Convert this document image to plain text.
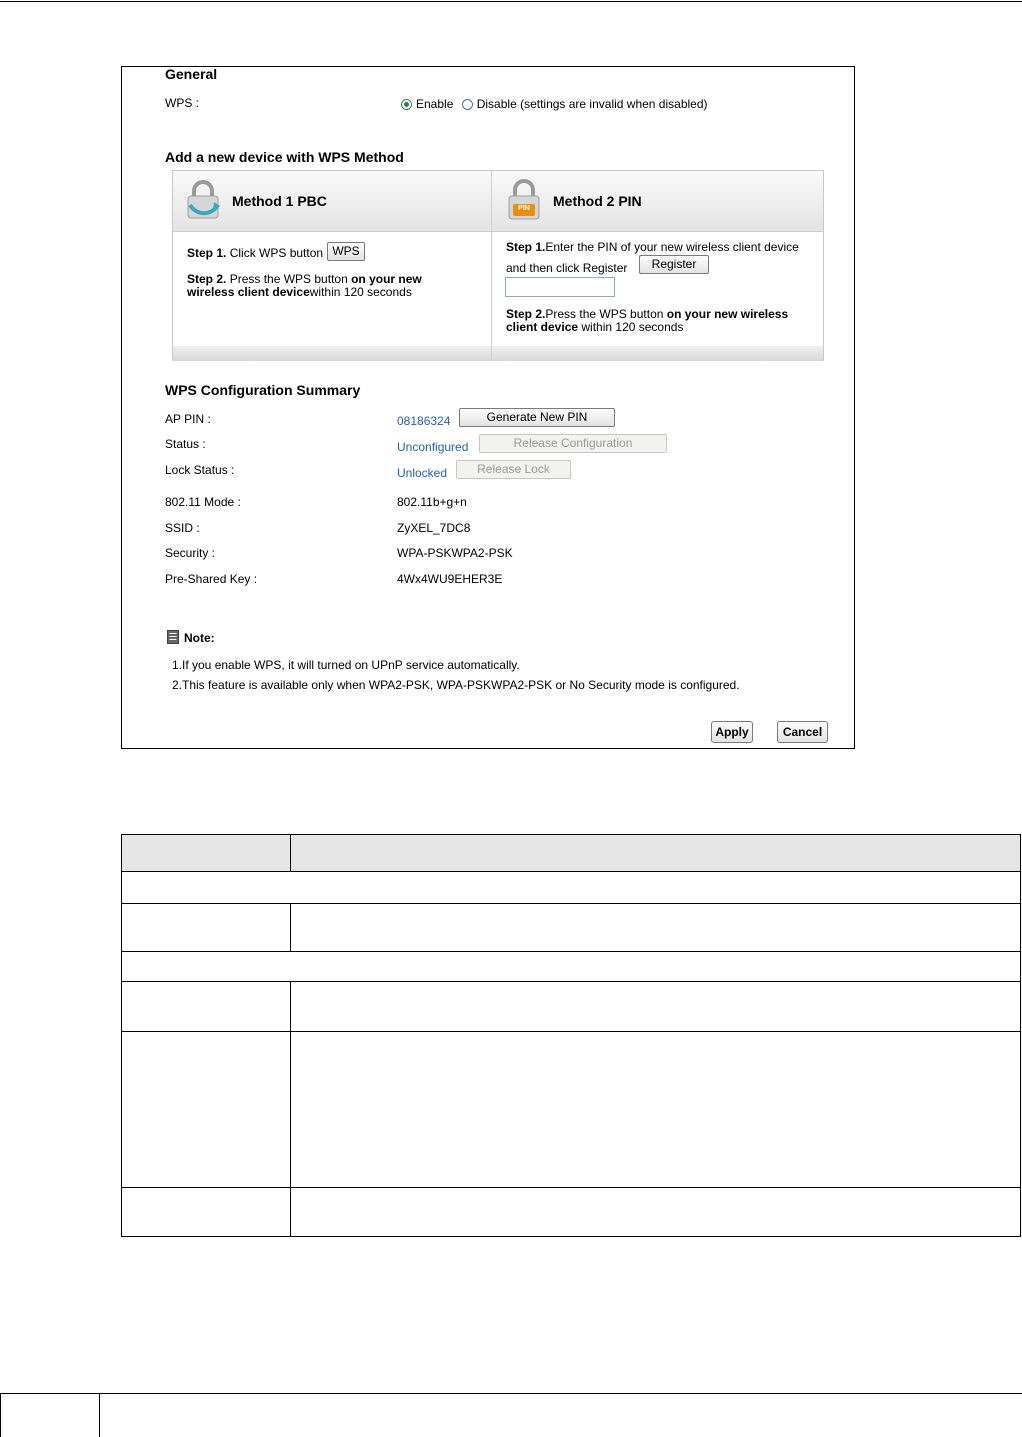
General
WPS :	Enable Disable (settings are invalid when disabled)
Add a new device with WPS Method
Method 1 PBC
Step 1. Click WPS button WPS
Step 2. Press the WPS button on your new
wireless client devicewithin 120 seconds
PIN Method 2 PIN
Step 1.Enter the PIN of your new wireless client device
and then click Register	Register
Step 2.Press the WPS button on your new wireless
client device within 120 seconds
WPS Configuration Summary
AP PIN :	08186324	Generate New PIN
Status :	Unconfigured	Release Configuration
Lock Status :	Unlocked	Release Lock
802.11 Mode :	802.11b+g+n
SSID :	ZyXEL_7DC8
Security :	WPA-PSKWPA2-PSK
Pre-Shared Key :	4Wx4WU9EHER3E
Note:
1.If you enable WPS, it will turned on UPnP service automatically.
2.This feature is available only when WPA2-PSK, WPA-PSKWPA2-PSK or No Security mode is configured.
Apply	Cancel
